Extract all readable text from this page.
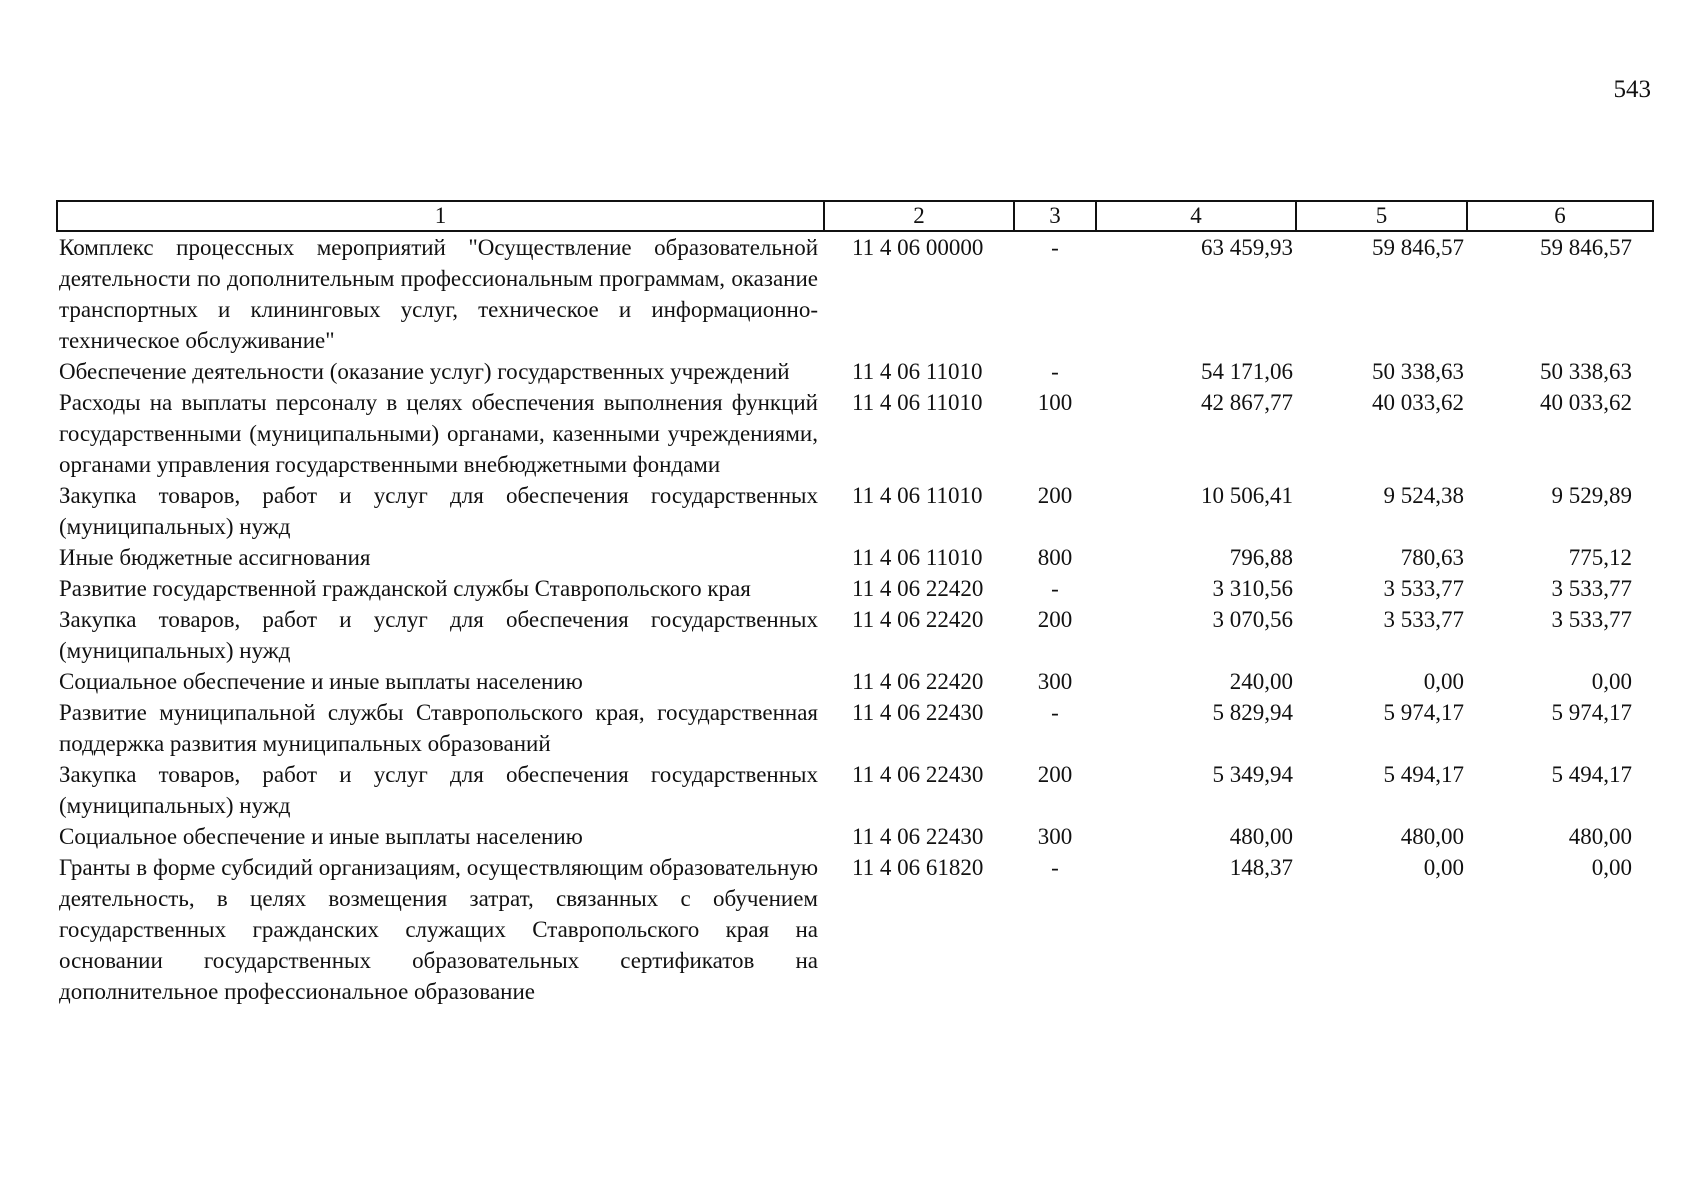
543
1	2	3	4	5	6
Комплекс процессных мероприятий "Осуществление образовательной деятельности по дополнительным профессиональным программам, оказание транспортных и клининговых услуг, техническое и информационно-техническое обслуживание"	11 4 06 00000	-	63 459,93	59 846,57	59 846,57
Обеспечение деятельности (оказание услуг) государственных учреждений	11 4 06 11010	-	54 171,06	50 338,63	50 338,63
Расходы на выплаты персоналу в целях обеспечения выполнения функций государственными (муниципальными) органами, казенными учреждениями, органами управления государственными внебюджетными фондами	11 4 06 11010	100	42 867,77	40 033,62	40 033,62
Закупка товаров, работ и услуг для обеспечения государственных (муниципальных) нужд	11 4 06 11010	200	10 506,41	9 524,38	9 529,89
Иные бюджетные ассигнования	11 4 06 11010	800	796,88	780,63	775,12
Развитие государственной гражданской службы Ставропольского края	11 4 06 22420	-	3 310,56	3 533,77	3 533,77
Закупка товаров, работ и услуг для обеспечения государственных (муниципальных) нужд	11 4 06 22420	200	3 070,56	3 533,77	3 533,77
Социальное обеспечение и иные выплаты населению	11 4 06 22420	300	240,00	0,00	0,00
Развитие муниципальной службы Ставропольского края, государственная поддержка развития муниципальных образований	11 4 06 22430	-	5 829,94	5 974,17	5 974,17
Закупка товаров, работ и услуг для обеспечения государственных (муниципальных) нужд	11 4 06 22430	200	5 349,94	5 494,17	5 494,17
Социальное обеспечение и иные выплаты населению	11 4 06 22430	300	480,00	480,00	480,00
Гранты в форме субсидий организациям, осуществляющим образовательную деятельность, в целях возмещения затрат, связанных с обучением государственных гражданских служащих Ставропольского края на основании государственных образовательных сертификатов на дополнительное профессиональное образование	11 4 06 61820	-	148,37	0,00	0,00
